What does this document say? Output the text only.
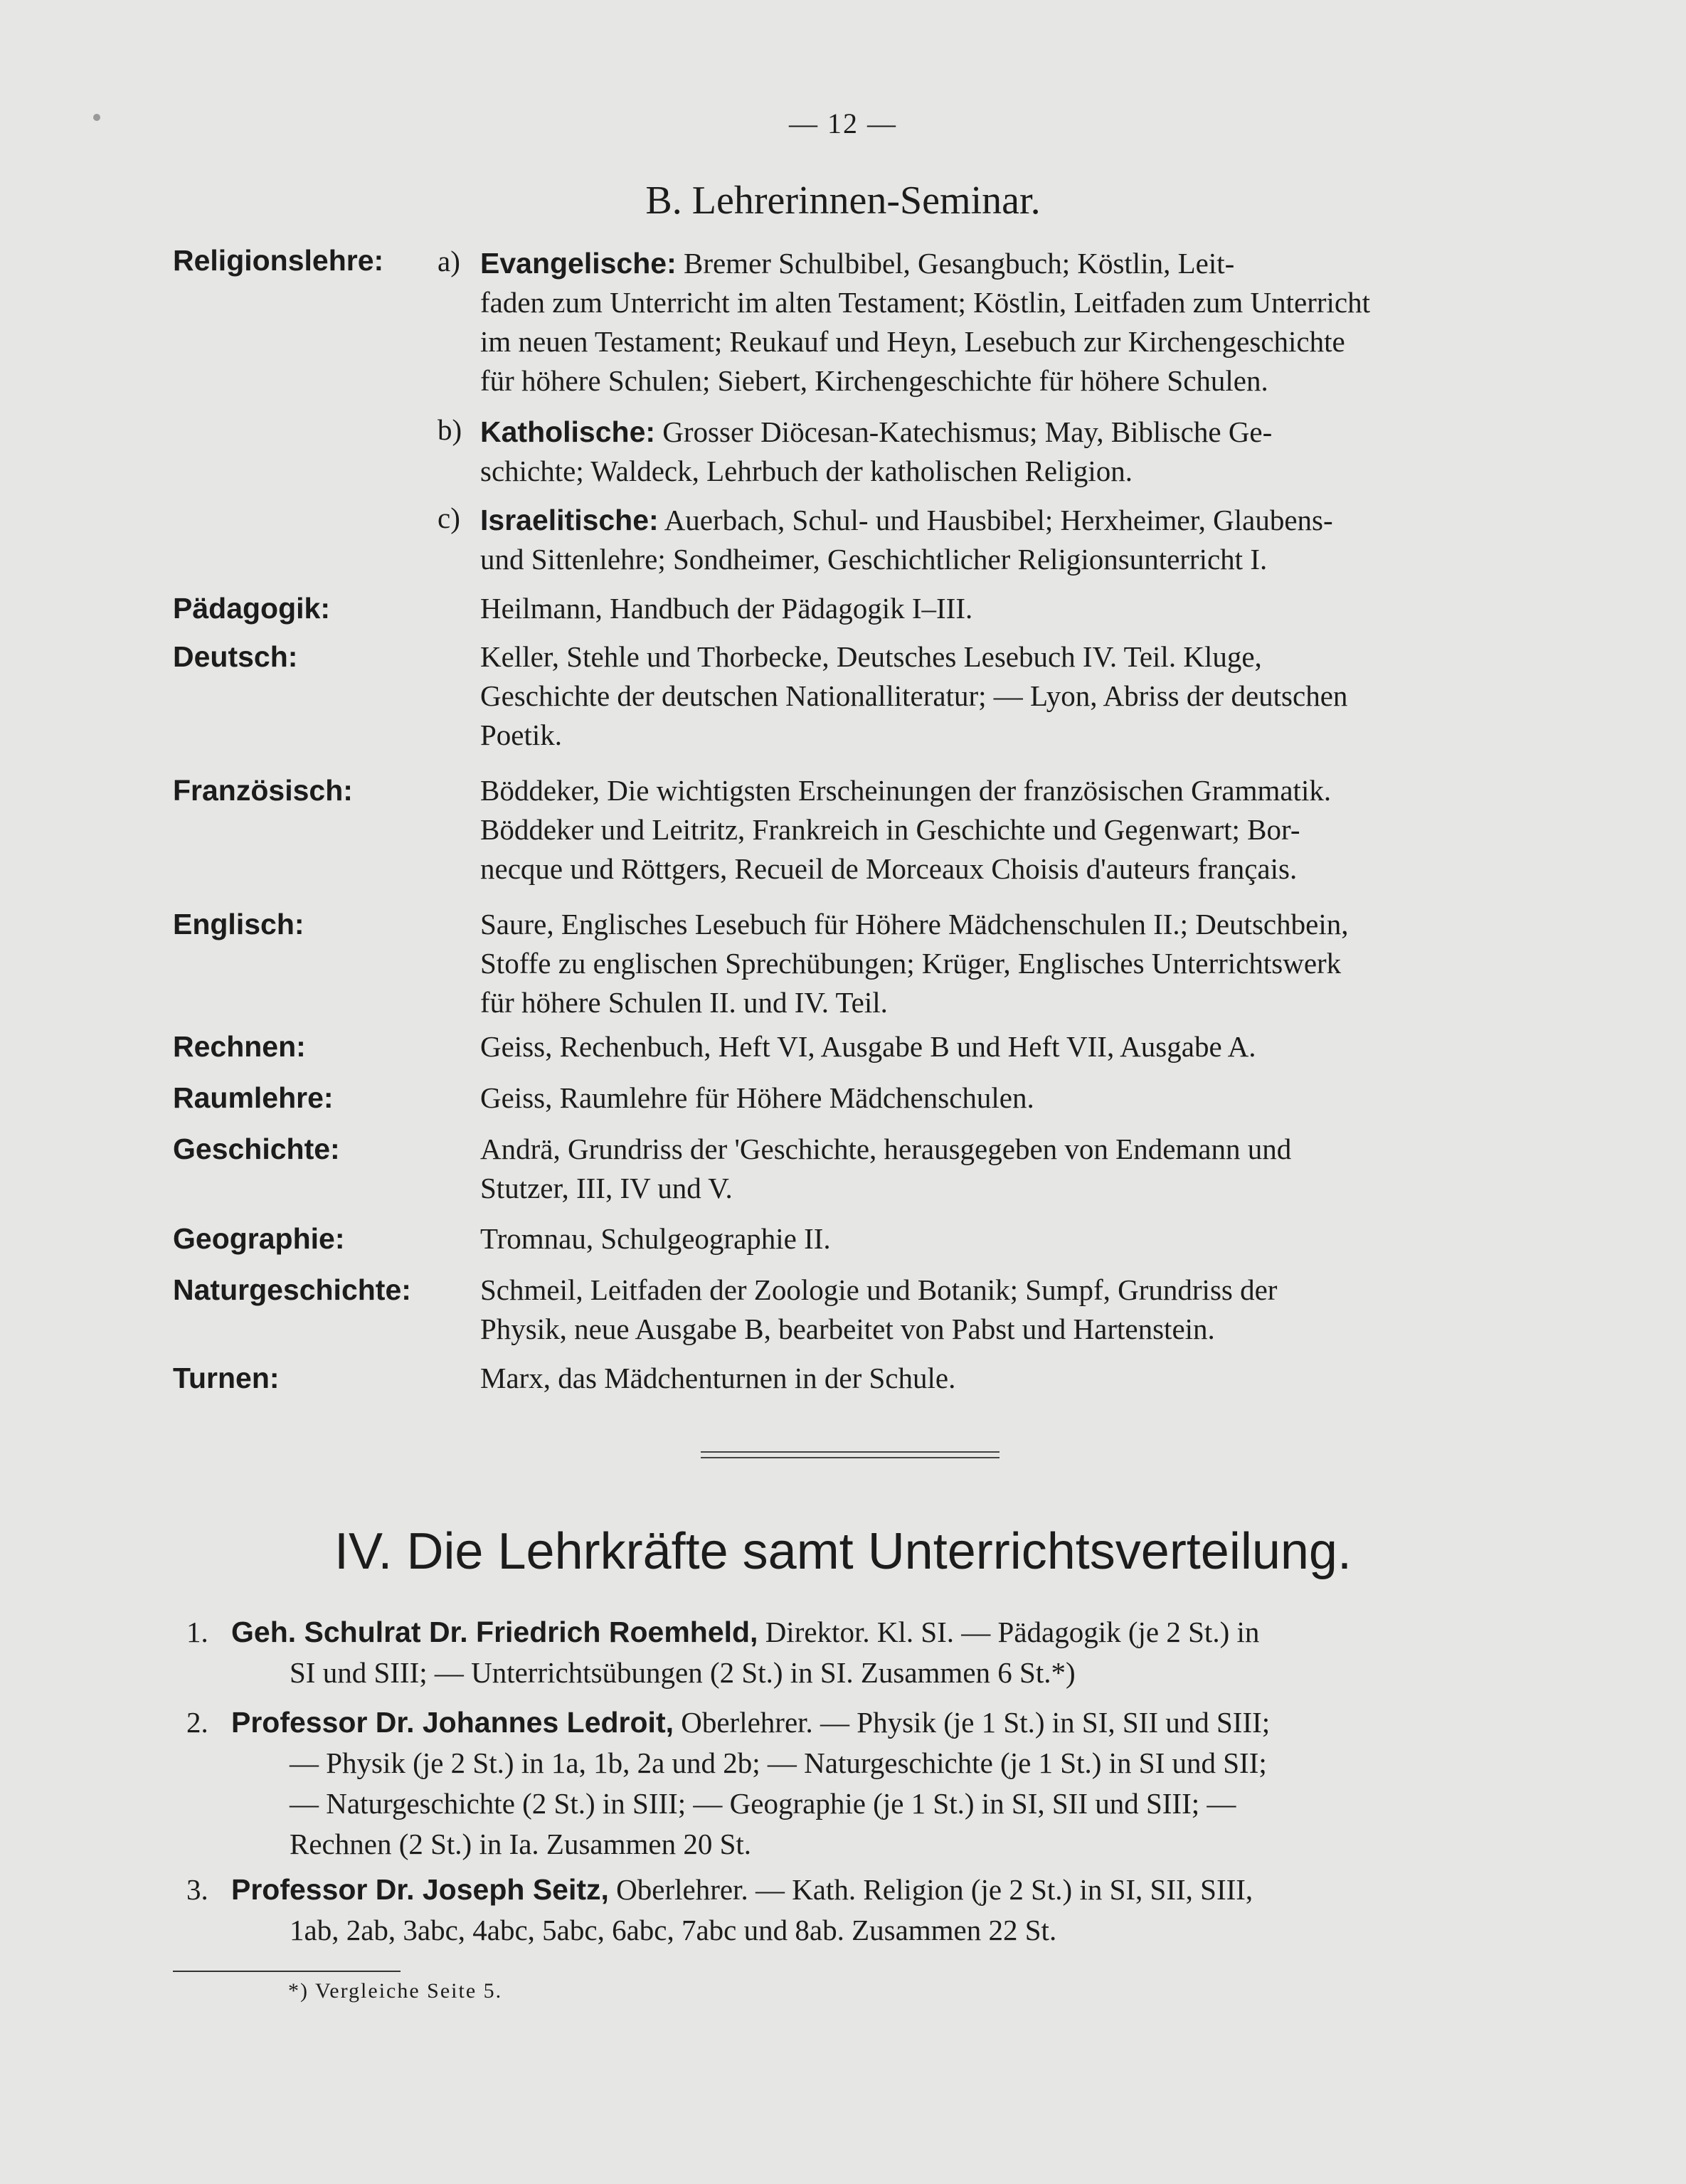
— 12 —
B. Lehrerinnen-Seminar.
Religionslehre: a) Evangelische: Bremer Schulbibel, Gesangbuch; Köstlin, Leit-
faden zum Unterricht im alten Testament; Köstlin, Leitfaden zum Unterricht
im neuen Testament; Reukauf und Heyn, Lesebuch zur Kirchengeschichte
für höhere Schulen; Siebert, Kirchengeschichte für höhere Schulen.
b) Katholische: Grosser Diöcesan-Katechismus; May, Biblische Ge-
schichte; Waldeck, Lehrbuch der katholischen Religion.
c) Israelitische: Auerbach, Schul- und Hausbibel; Herxheimer, Glaubens-
und Sittenlehre; Sondheimer, Geschichtlicher Religionsunterricht I.
Pädagogik:	Heilmann, Handbuch der Pädagogik I–III.
Deutsch:	Keller, Stehle und Thorbecke, Deutsches Lesebuch IV. Teil. Kluge,
Geschichte der deutschen Nationalliteratur; — Lyon, Abriss der deutschen
Poetik.
Französisch:	Böddeker, Die wichtigsten Erscheinungen der französischen Grammatik.
Böddeker und Leitritz, Frankreich in Geschichte und Gegenwart; Bor-
necque und Röttgers, Recueil de Morceaux Choisis d'auteurs français.
Englisch:	Saure, Englisches Lesebuch für Höhere Mädchenschulen II.; Deutschbein,
Stoffe zu englischen Sprechübungen; Krüger, Englisches Unterrichtswerk
für höhere Schulen II. und IV. Teil.
Rechnen:	Geiss, Rechenbuch, Heft VI, Ausgabe B und Heft VII, Ausgabe A.
Raumlehre:	Geiss, Raumlehre für Höhere Mädchenschulen.
Geschichte:	Andrä, Grundriss der 'Geschichte, herausgegeben von Endemann und
Stutzer, III, IV und V.
Geographie:	Tromnau, Schulgeographie II.
Naturgeschichte: Schmeil, Leitfaden der Zoologie und Botanik; Sumpf, Grundriss der
Physik, neue Ausgabe B, bearbeitet von Pabst und Hartenstein.
Turnen:	Marx, das Mädchenturnen in der Schule.
IV. Die Lehrkräfte samt Unterrichtsverteilung.
1. Geh. Schulrat Dr. Friedrich Roemheld, Direktor. Kl. SI. — Pädagogik (je 2 St.) in
SI und SIII; — Unterrichtsübungen (2 St.) in SI. Zusammen 6 St.*)
2. Professor Dr. Johannes Ledroit, Oberlehrer. — Physik (je 1 St.) in SI, SII und SIII;
— Physik (je 2 St.) in 1a, 1b, 2a und 2b; — Naturgeschichte (je 1 St.) in SI und SII;
— Naturgeschichte (2 St.) in SIII; — Geographie (je 1 St.) in SI, SII und SIII; —
Rechnen (2 St.) in Ia. Zusammen 20 St.
3. Professor Dr. Joseph Seitz, Oberlehrer. — Kath. Religion (je 2 St.) in SI, SII, SIII,
1ab, 2ab, 3abc, 4abc, 5abc, 6abc, 7abc und 8ab. Zusammen 22 St.
*) Vergleiche Seite 5.
